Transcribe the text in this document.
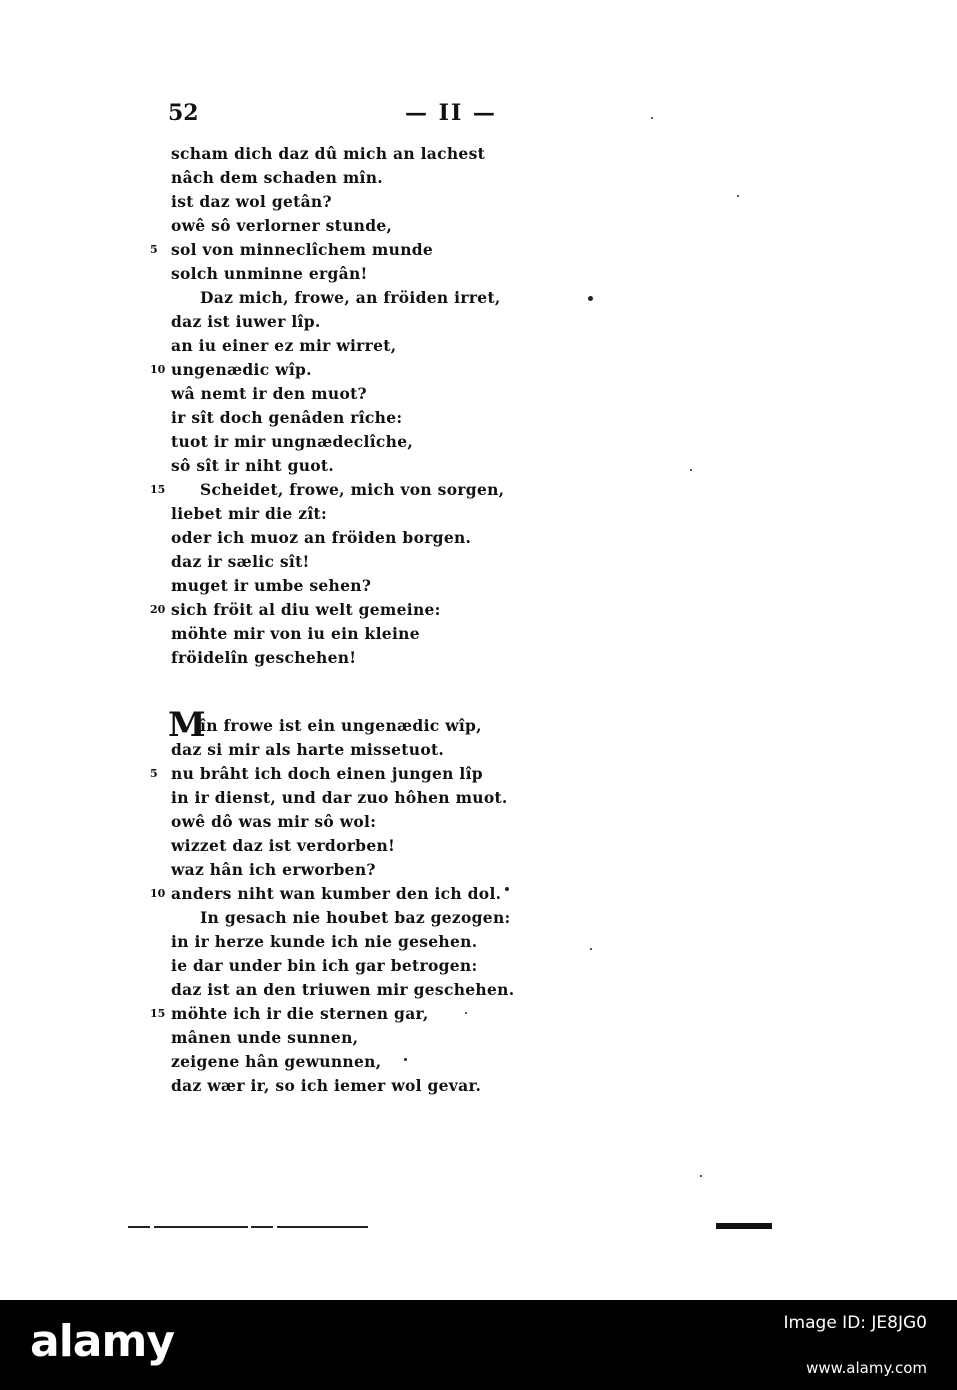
52	— II —
scham dich daz dû mich an lachest
nâch dem schaden mîn.
ist daz wol getân?
owê sô verlorner stunde,
5 sol von minneclîchem munde
solch unminne ergân!
Daz mich, frowe, an fröiden irret,
daz ist iuwer lîp.
an iu einer ez mir wirret,
10 ungenædic wîp.
wâ nemt ir den muot?
ir sît doch genâden rîche:
tuot ir mir ungnædeclîche,
sô sît ir niht guot.
15 Scheidet, frowe, mich von sorgen,
liebet mir die zît:
oder ich muoz an fröiden borgen.
daz ir sælic sît!
muget ir umbe sehen?
20 sich fröit al diu welt gemeine:
möhte mir von iu ein kleine
fröidelîn geschehen!
M
în frowe ist ein ungenædic wîp,
daz si mir als harte missetuot.
5 nu brâht ich doch einen jungen lîp
in ir dienst, und dar zuo hôhen muot.
owê dô was mir sô wol:
wizzet daz ist verdorben!
waz hân ich erworben?
10 anders niht wan kumber den ich dol.
In gesach nie houbet baz gezogen:
in ir herze kunde ich nie gesehen.
ie dar under bin ich gar betrogen:
daz ist an den triuwen mir geschehen.
15 möhte ich ir die sternen gar,
mânen unde sunnen,
zeigene hân gewunnen,
daz wær ir, so ich iemer wol gevar.
alamy	Image ID: JE8JG0
www.alamy.com
